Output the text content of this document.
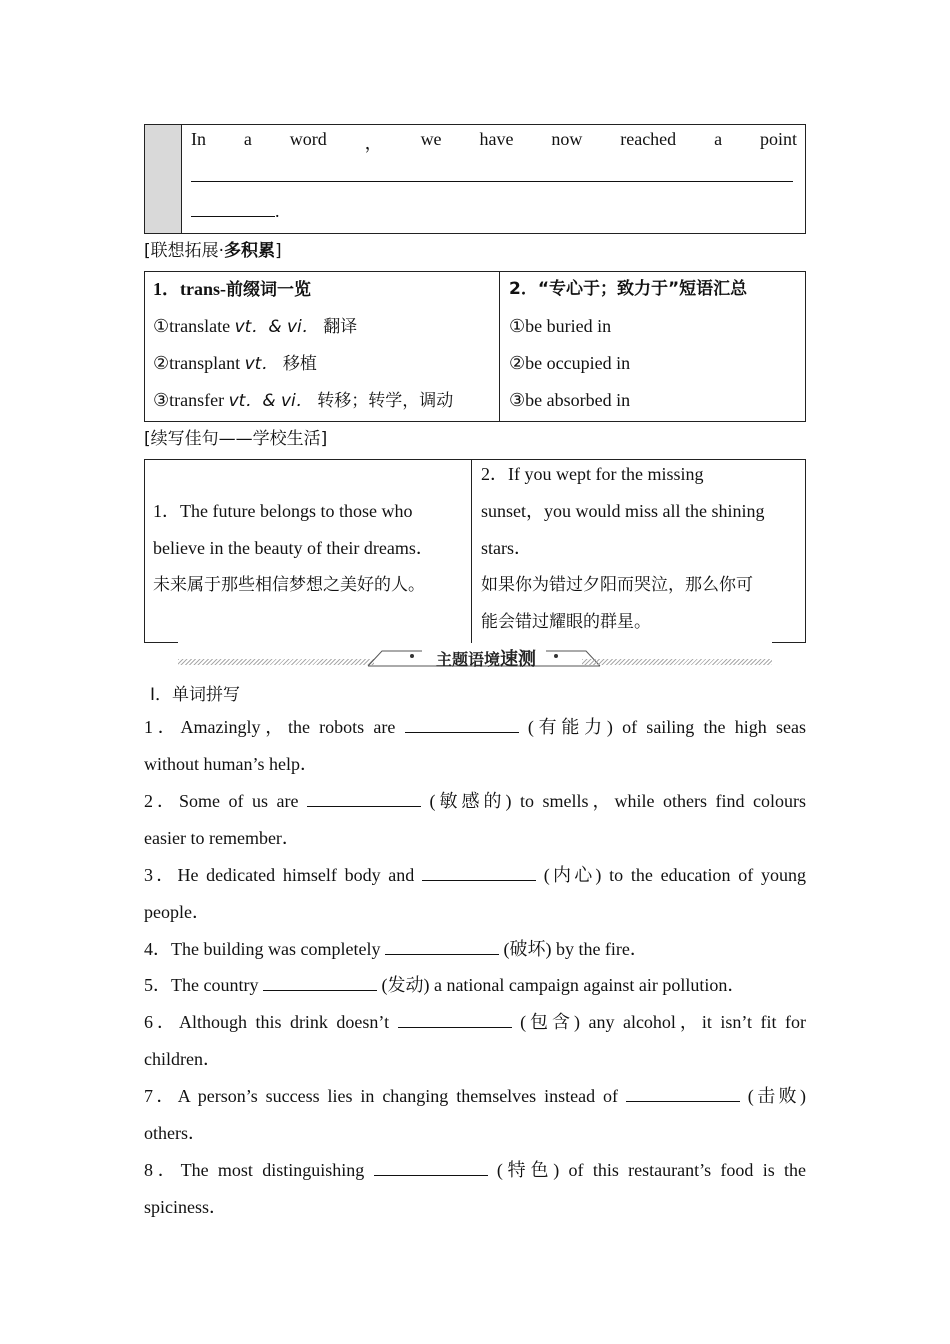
In a word ， we have now reached a point
.
[联想拓展·多积累]
1．trans-前缀词一览
①translate vt．& vi． 翻译
②transplant vt． 移植
③transfer vt．& vi． 转移；转学，调动
2．“专心于；致力于”短语汇总
①be buried in
②be occupied in
③be absorbed in
[续写佳句——学校生活]
1．The future belongs to those who
believe in the beauty of their dreams．
未来属于那些相信梦想之美好的人。
2．If you wept for the missing
sunset，you would miss all the shining
stars．
如果你为错过夕阳而哭泣，那么你可
能会错过耀眼的群星。
主题语境速测
Ⅰ．单词拼写
1．Amazingly，the robots are	(有能力) of sailing the high seas
without human’s help．
2．Some of us are	(敏感的) to smells，while others find colours
easier to remember．
3．He dedicated himself body and	(内心) to the education of young
people．
4．The building was completely	(破坏) by the fire．
5．The country	(发动) a national campaign against air pollution．
6．Although this drink doesn’t	(包含) any alcohol，it isn’t fit for
children．
7．A person’s success lies in changing themselves instead of	(击败)
others．
8．The most distinguishing	(特色) of this restaurant’s food is the
spiciness．
